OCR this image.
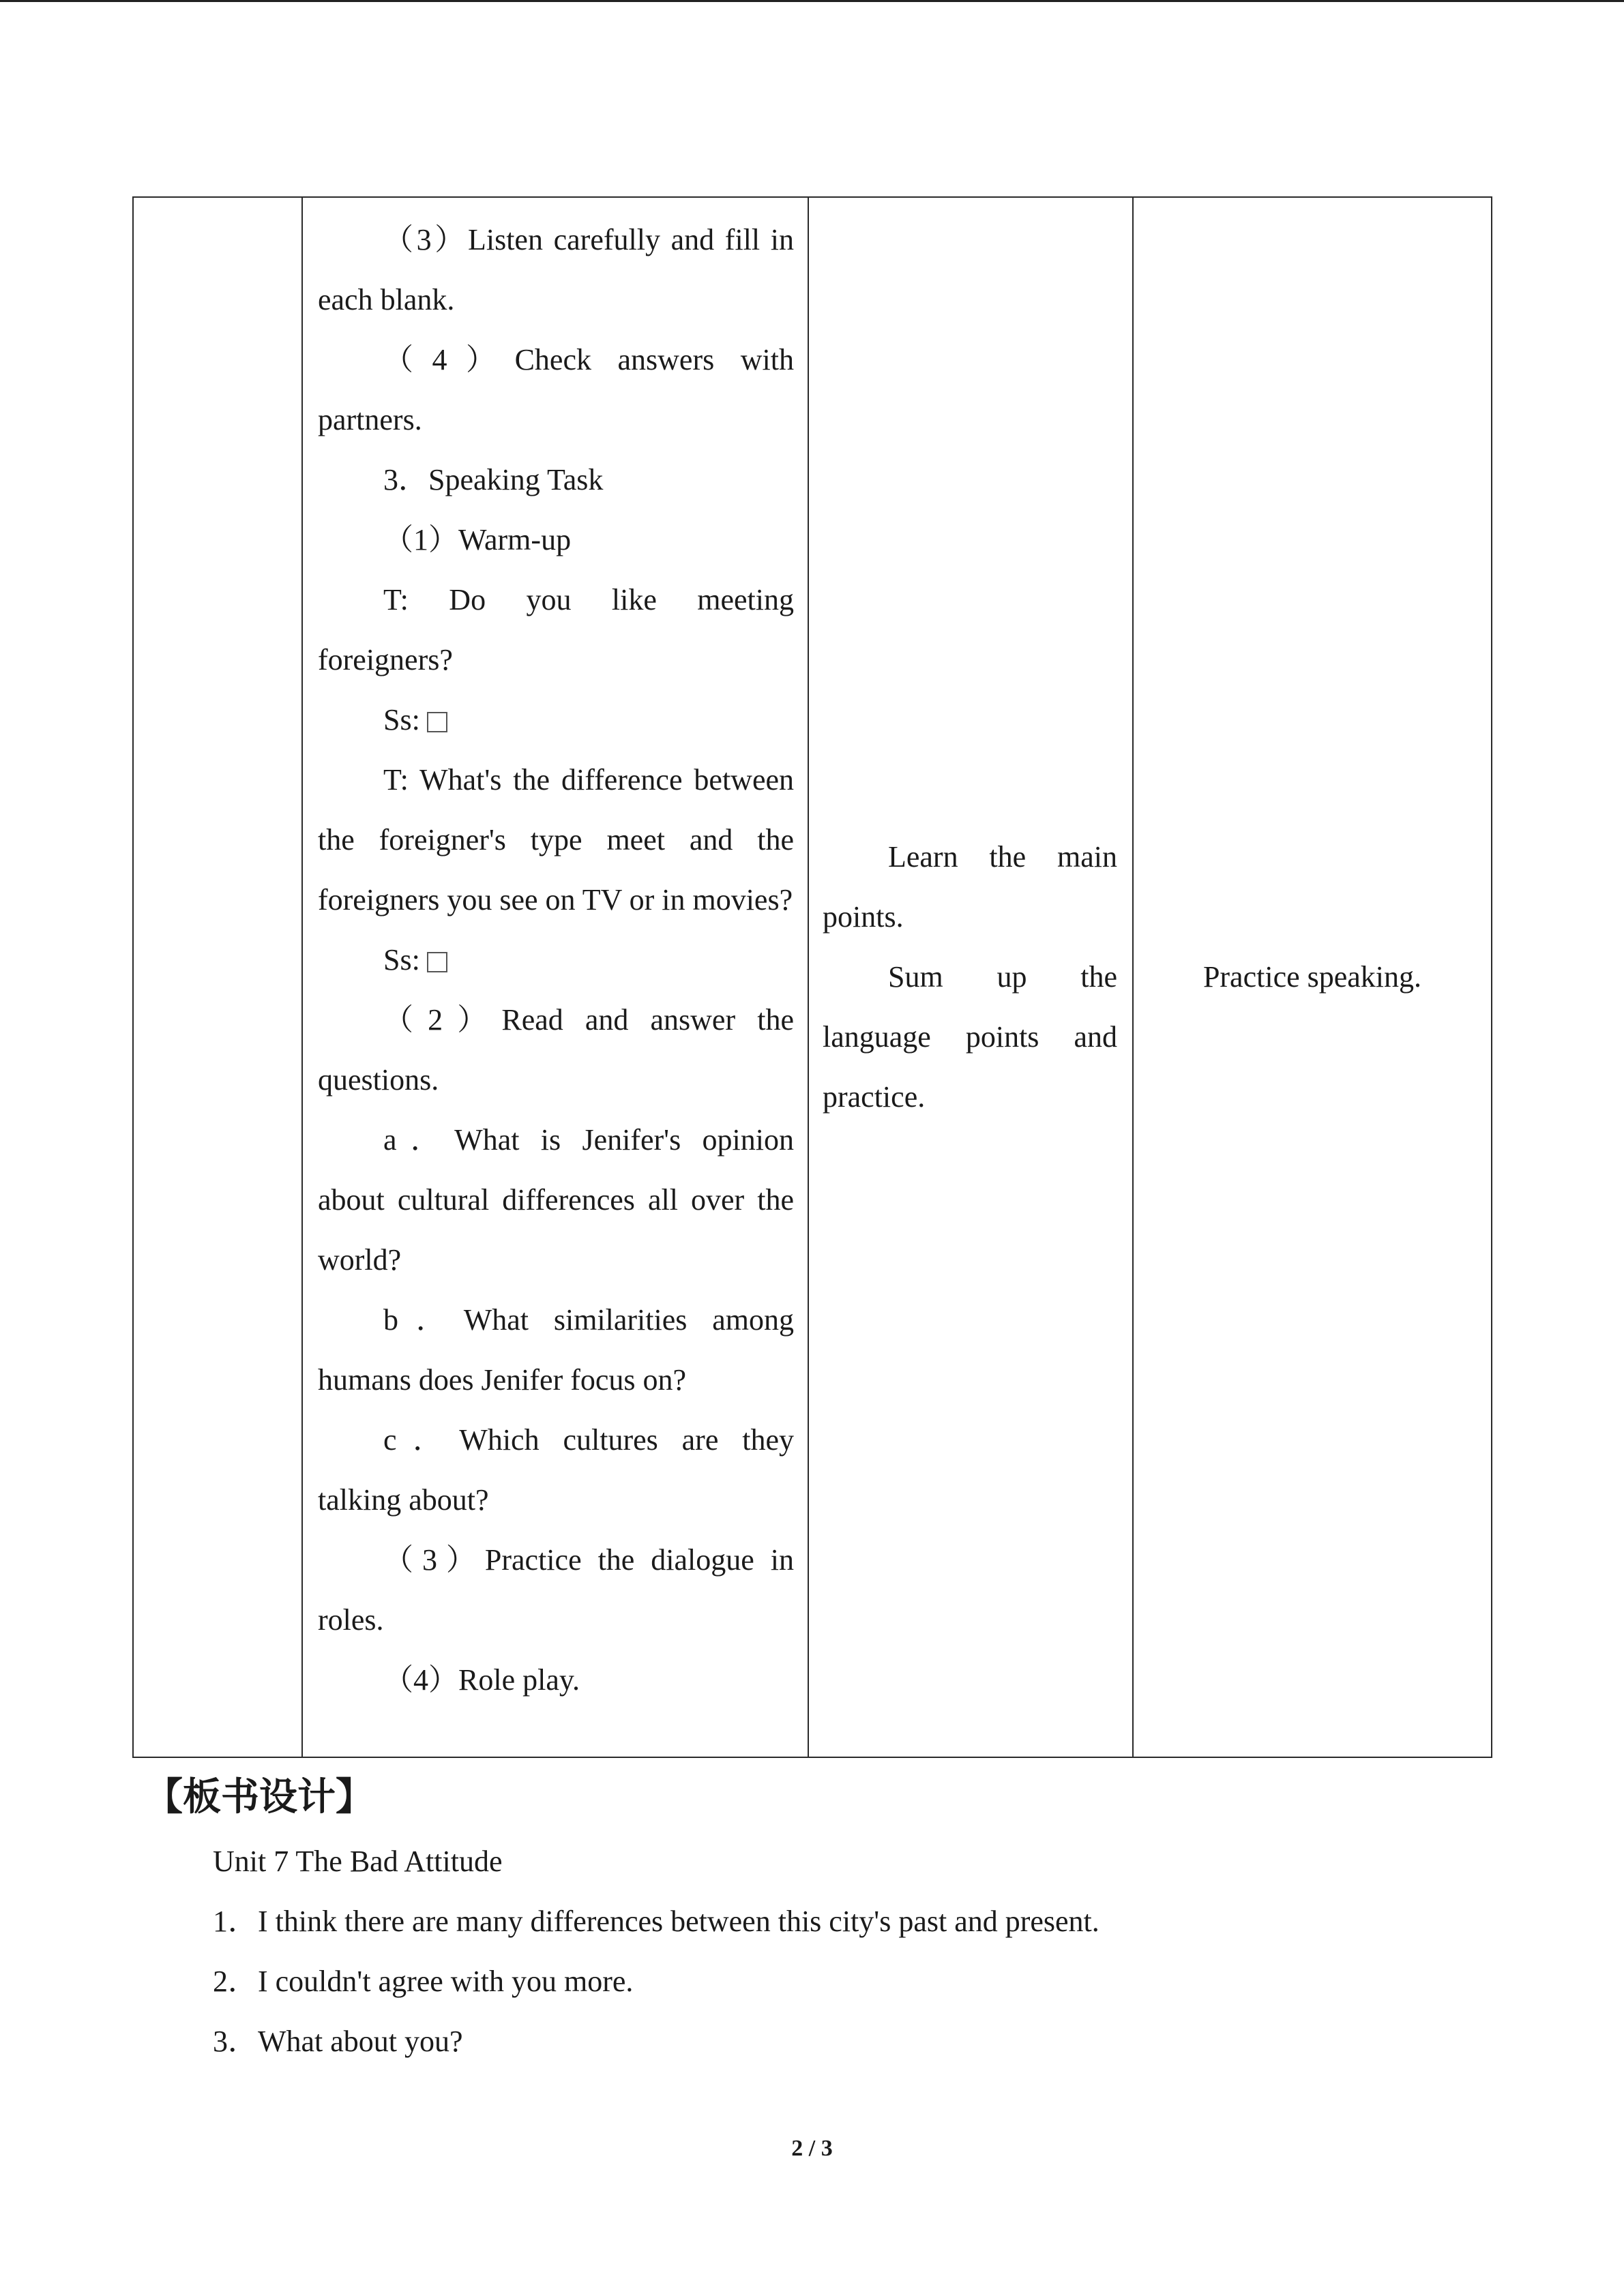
（3）Listen carefully and fill in each blank.

（4）Check answers with partners.

3．Speaking Task

（1）Warm-up

T: Do you like meeting foreigners?

Ss:

T: What's the difference between the foreigner's type meet and the foreigners you see on TV or in movies?

Ss:

（2）Read and answer the questions.

a．What is Jenifer's opinion about cultural differences all over the world?

b．What similarities among humans does Jenifer focus on?

c．Which cultures are they talking about?

（3）Practice the dialogue in roles.

（4）Role play.

Learn the main points.

Sum up the language points and practice.

Practice speaking.

【板书设计】

Unit 7 The Bad Attitude

1．I think there are many differences between this city's past and present.

2．I couldn't agree with you more.

3．What about you?

2 / 3
